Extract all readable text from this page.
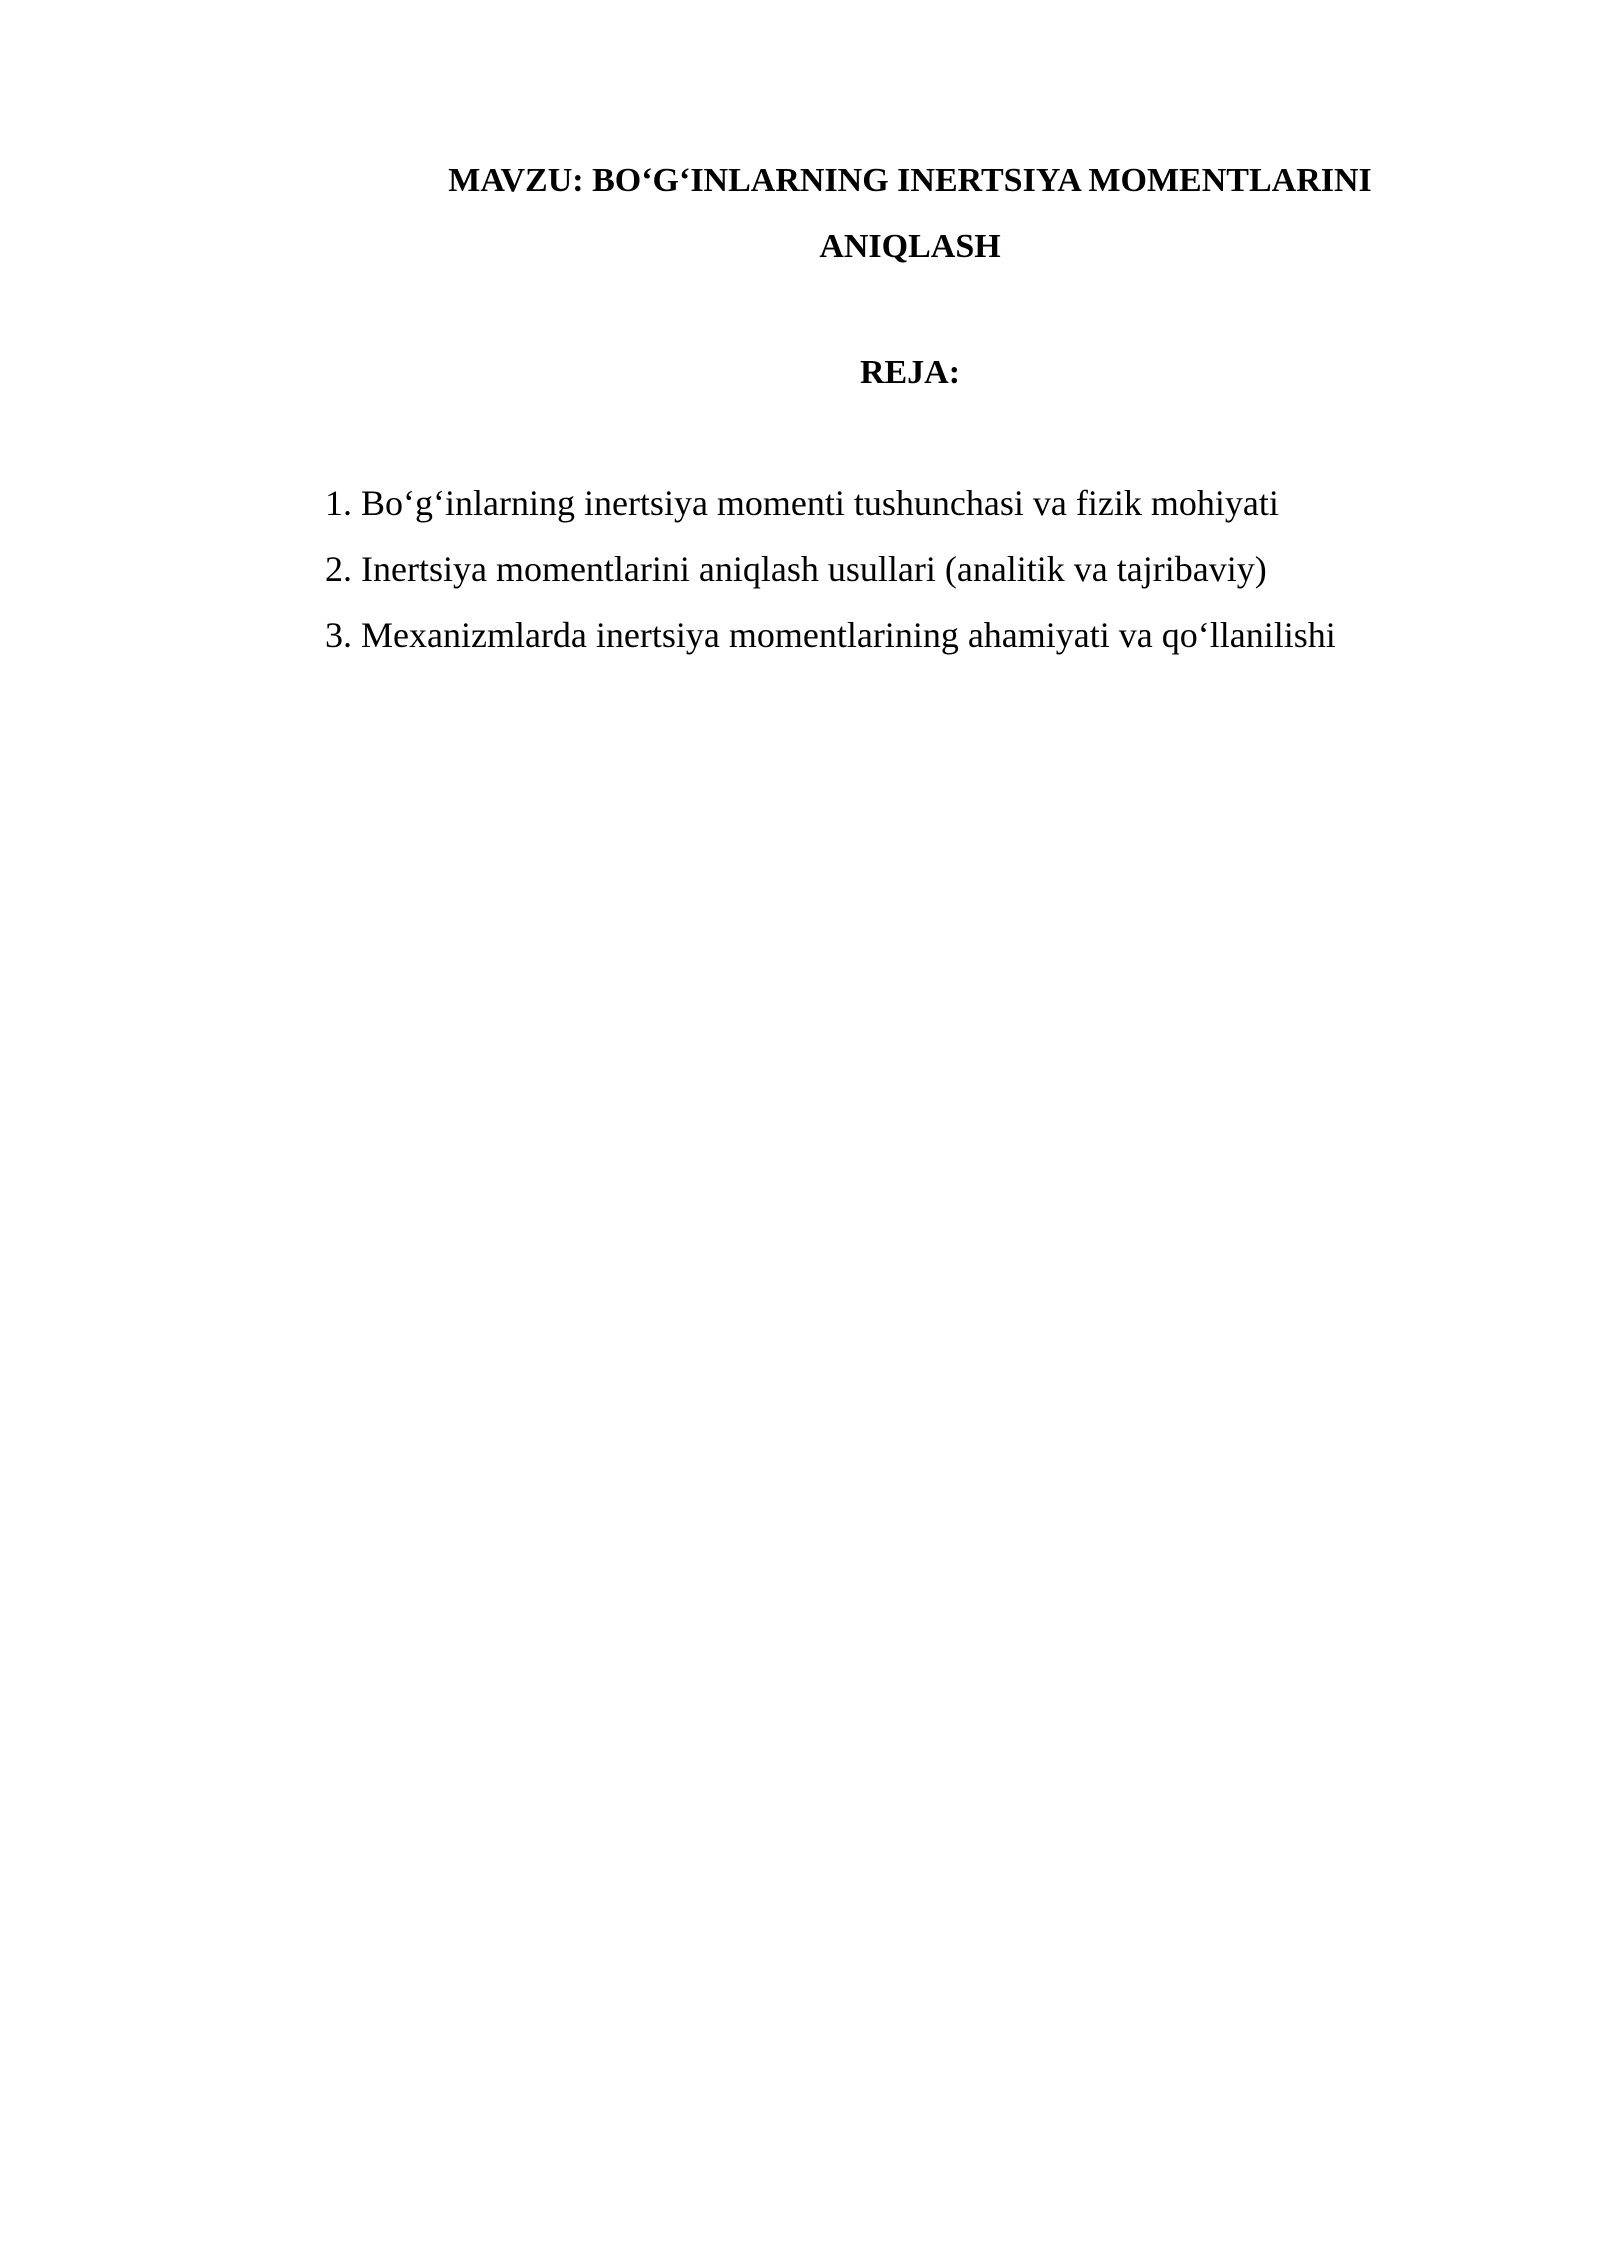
MAVZU: BO‘G‘INLARNING INERTSIYA MOMENTLARINI
ANIQLASH
REJA:
1. Bo‘g‘inlarning inertsiya momenti tushunchasi va fizik mohiyati
2. Inertsiya momentlarini aniqlash usullari (analitik va tajribaviy)
3. Mexanizmlarda inertsiya momentlarining ahamiyati va qo‘llanilishi
